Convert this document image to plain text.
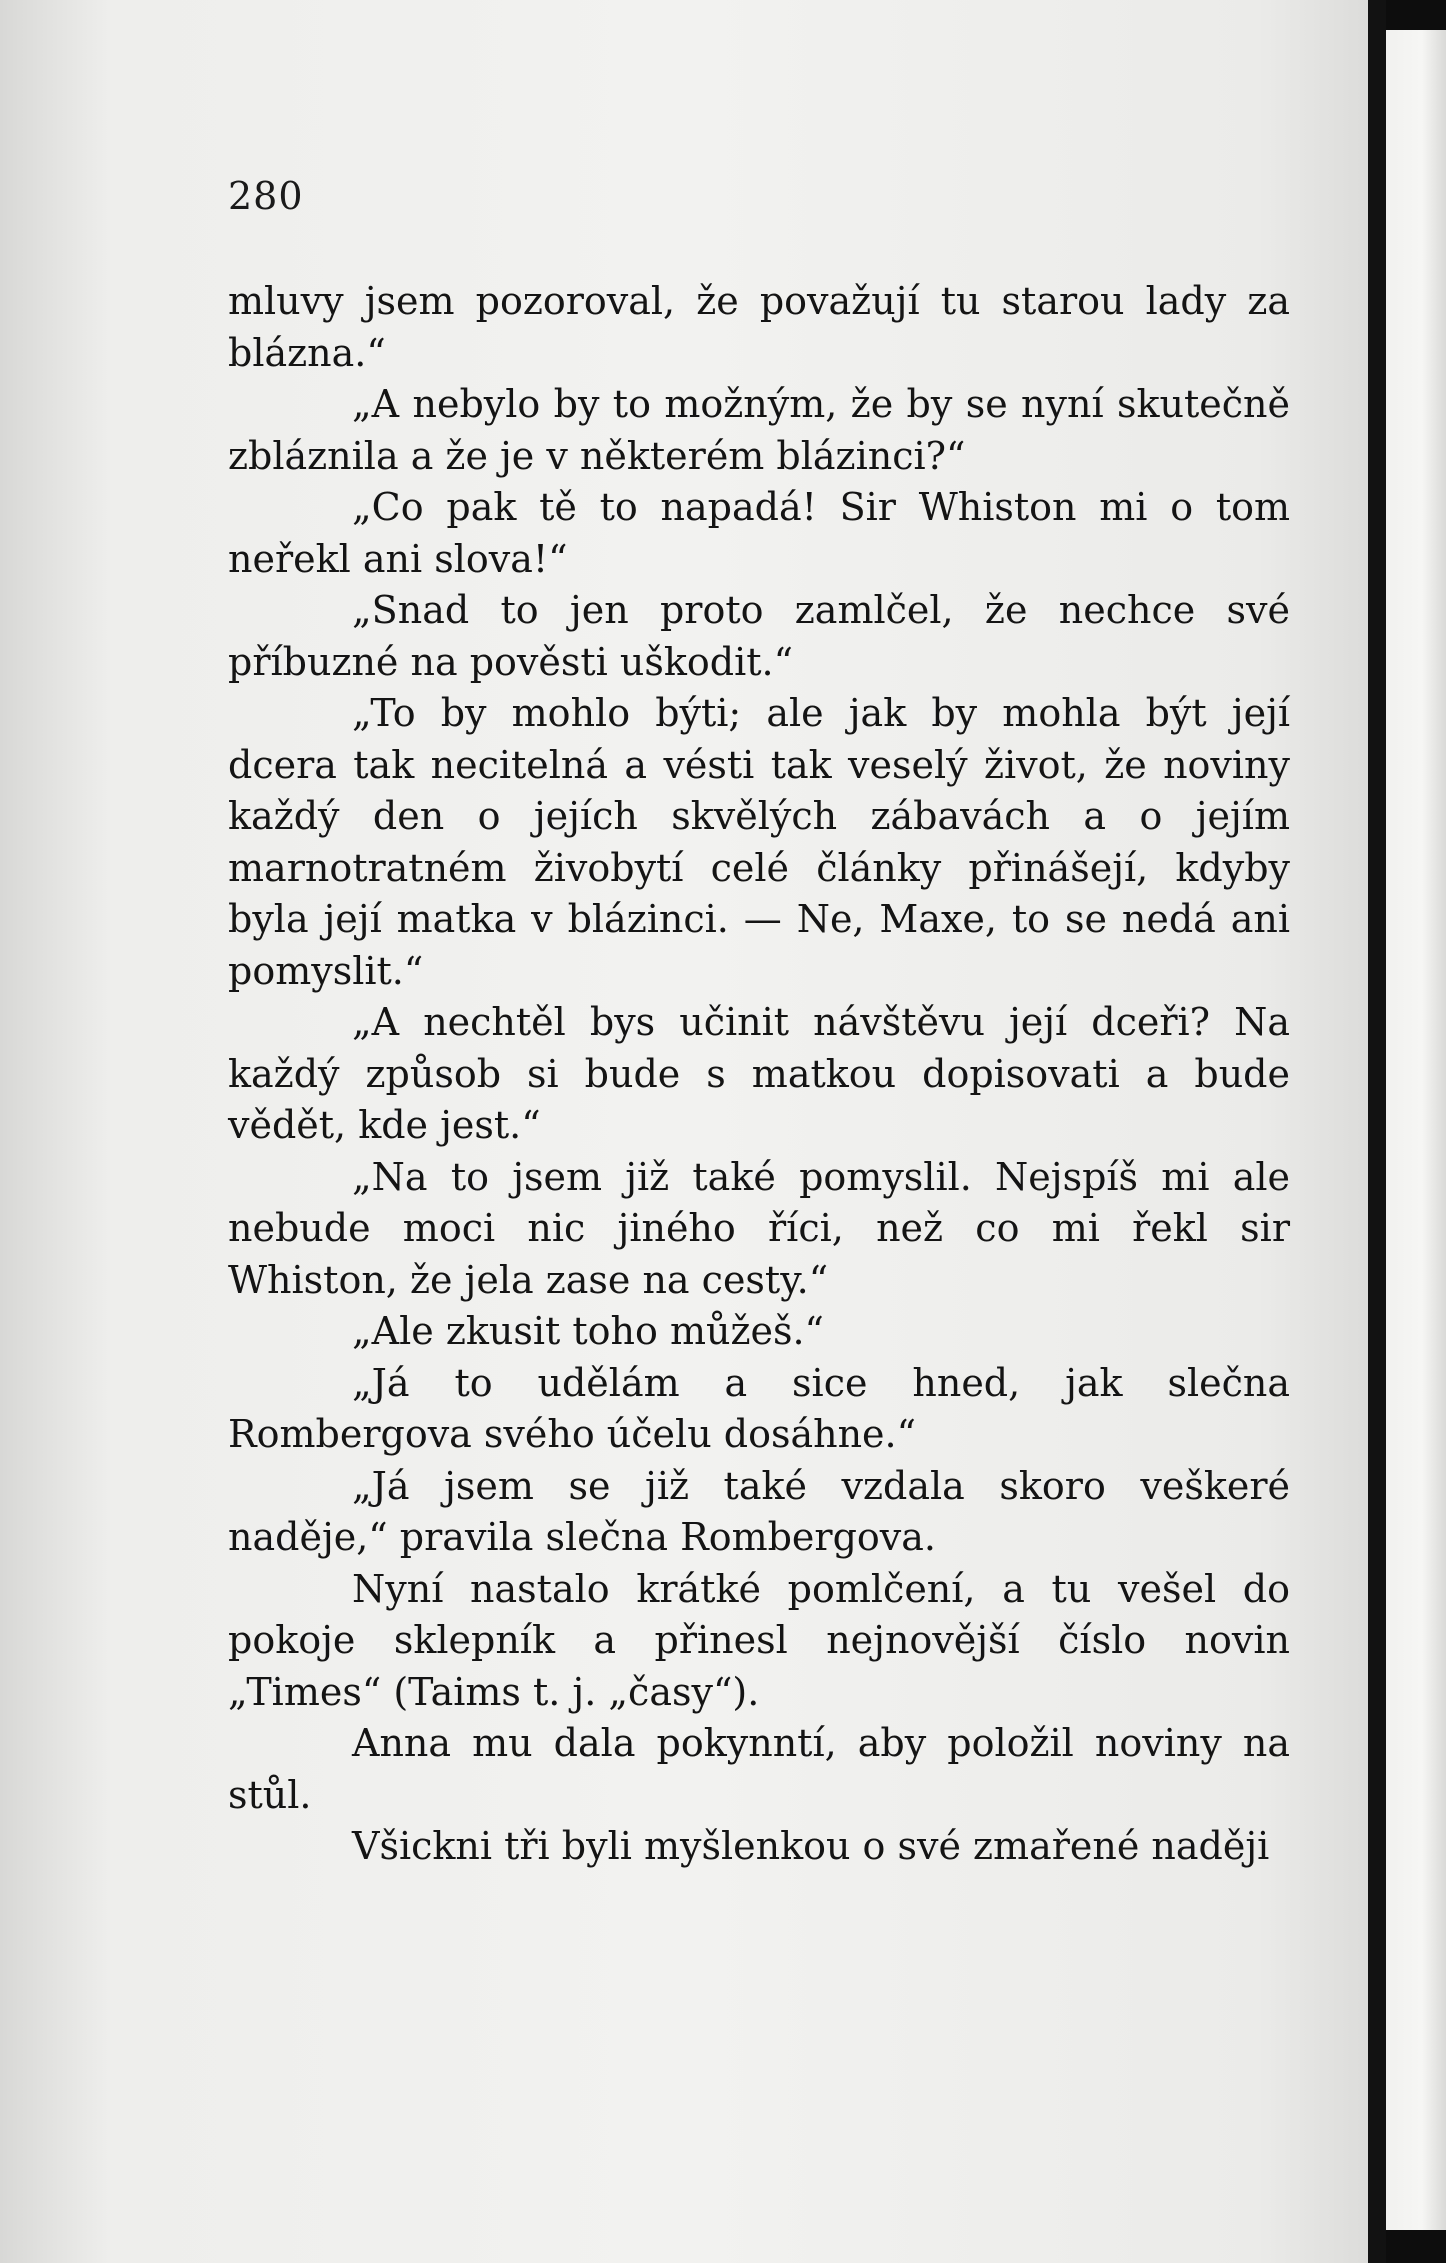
280

mluvy jsem pozoroval, že považují tu starou lady za blázna.“

„A nebylo by to možným, že by se nyní skutečně zbláznila a že je v některém blázinci?“

„Co pak tě to napadá! Sir Whiston mi o tom neřekl ani slova!“

„Snad to jen proto zamlčel, že nechce své příbuzné na pověsti uškodit.“

„To by mohlo býti; ale jak by mohla být její dcera tak necitelná a vésti tak veselý život, že noviny každý den o jejích skvělých zábavách a o jejím marnotratném živobytí celé články přinášejí, kdyby byla její matka v blázinci. — Ne, Maxe, to se nedá ani pomyslit.“

„A nechtěl bys učinit návštěvu její dceři? Na každý způsob si bude s matkou dopisovati a bude vědět, kde jest.“

„Na to jsem již také pomyslil. Nejspíš mi ale nebude moci nic jiného říci, než co mi řekl sir Whiston, že jela zase na cesty.“

„Ale zkusit toho můžeš.“

„Já to udělám a sice hned, jak slečna Rombergova svého účelu dosáhne.“

„Já jsem se již také vzdala skoro veškeré naděje,“ pravila slečna Rombergova.

Nyní nastalo krátké pomlčení, a tu vešel do pokoje sklepník a přinesl nejnovější číslo novin „Times“ (Taims t. j. „časy“).

Anna mu dala pokynntí, aby položil noviny na stůl.

Všickni tři byli myšlenkou o své zmařené naději
